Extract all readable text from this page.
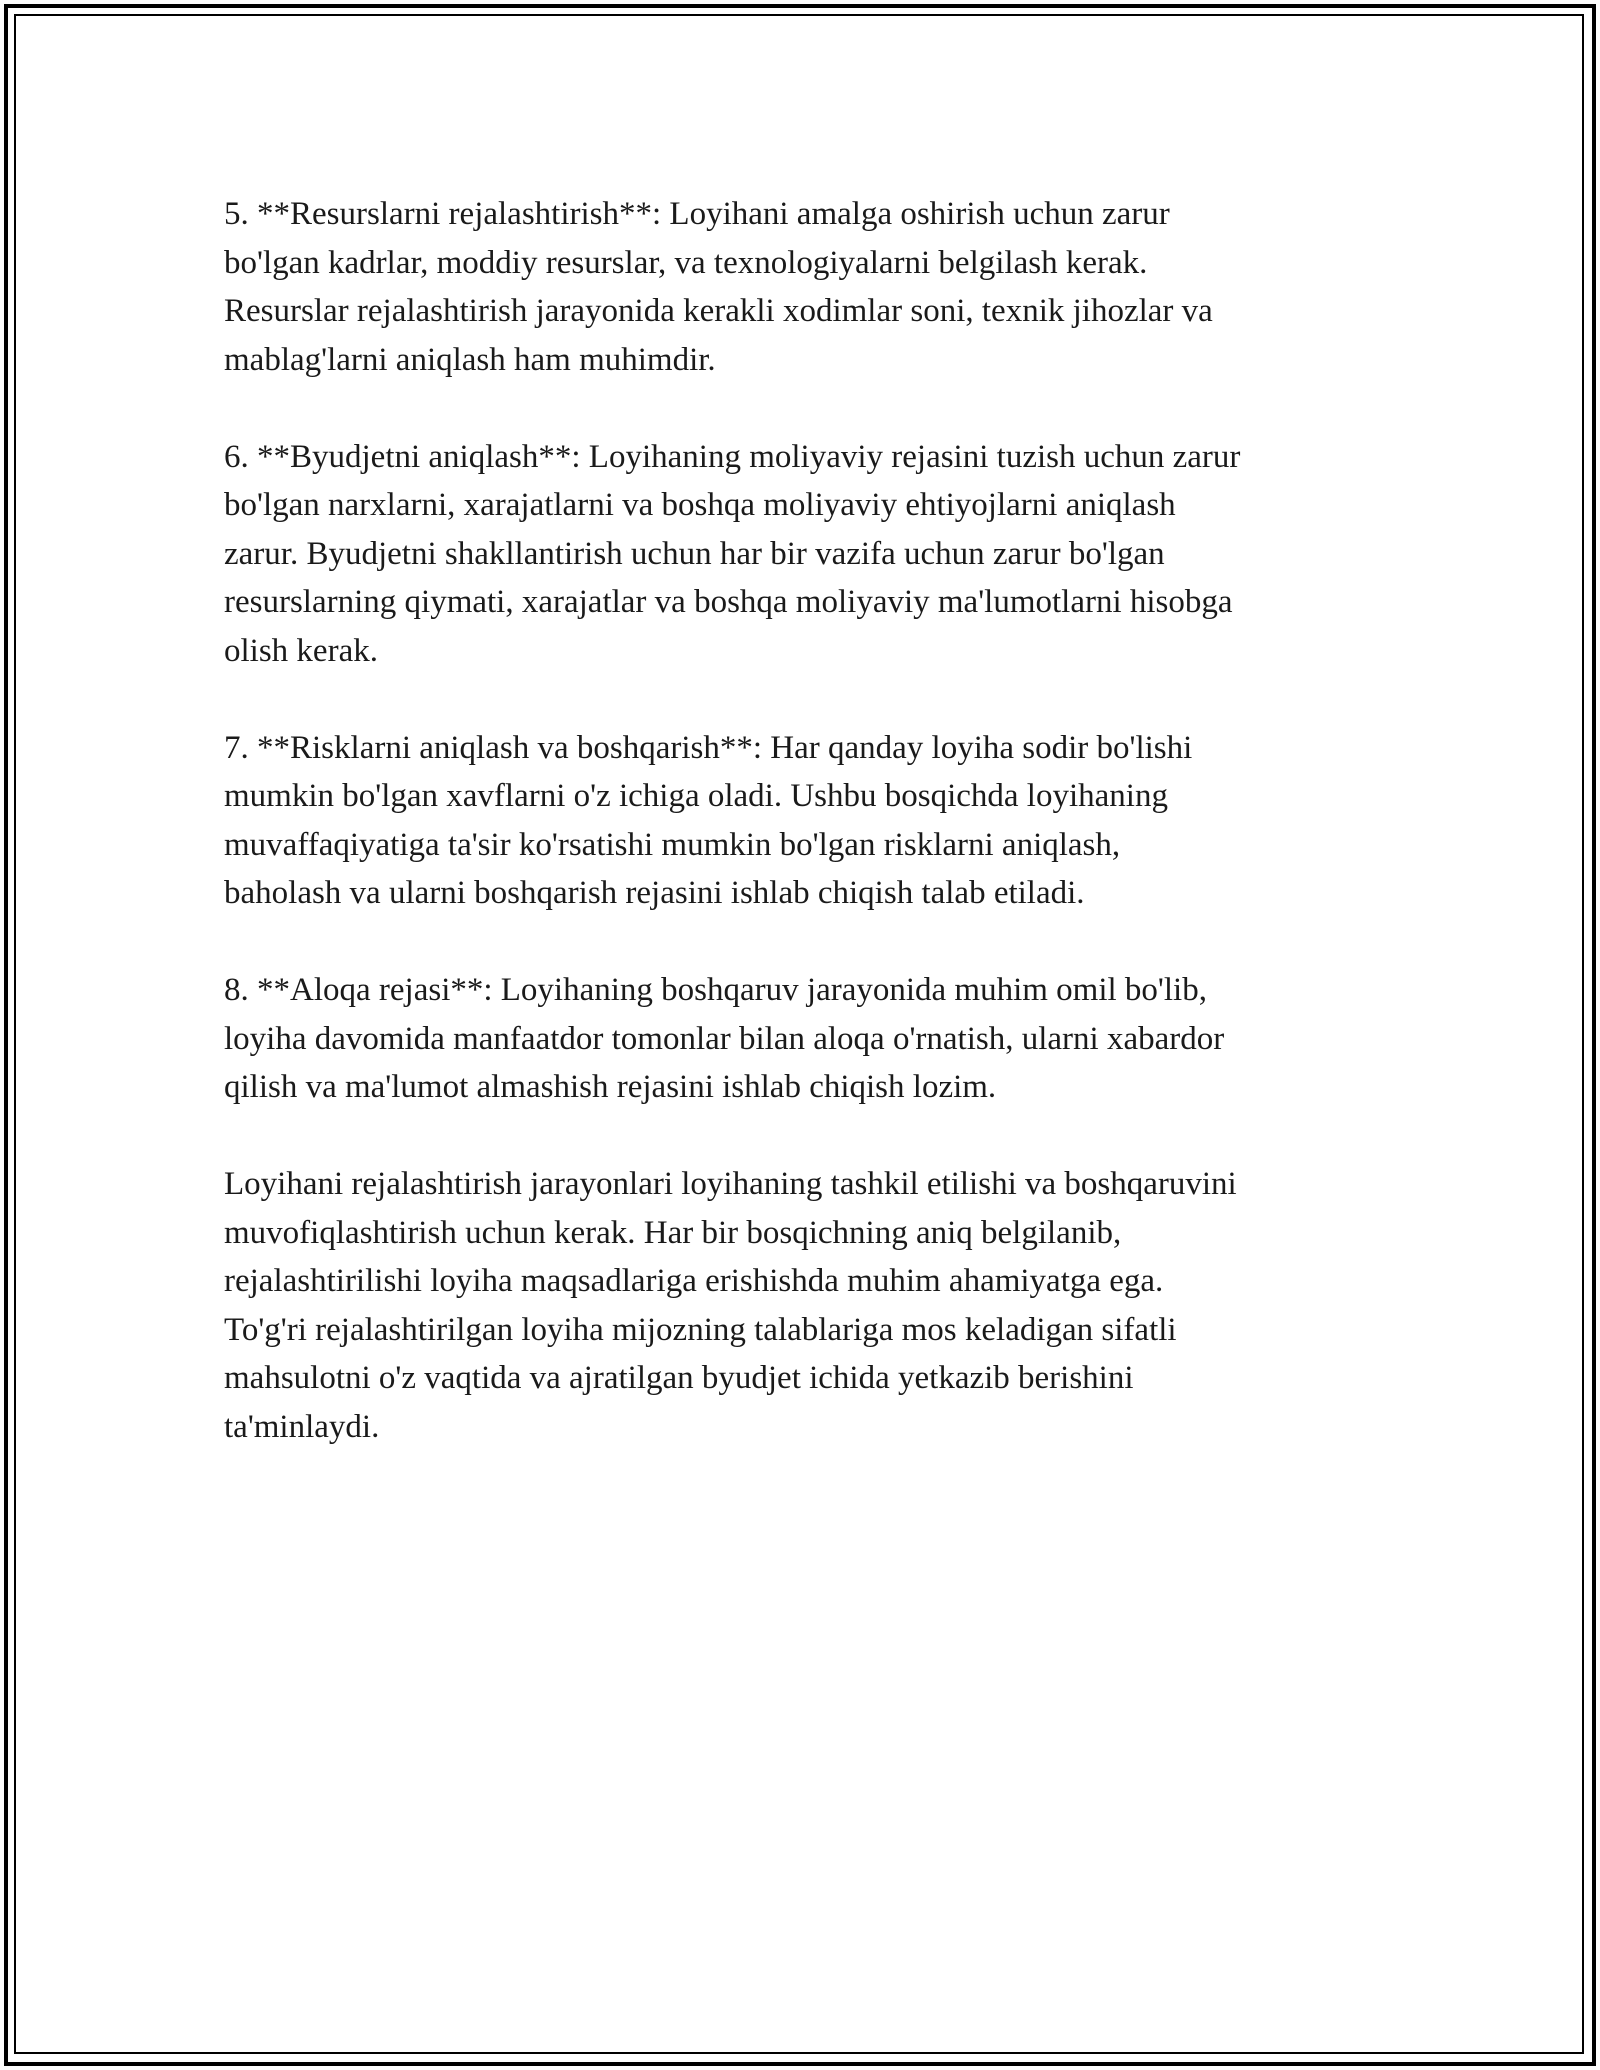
5. **Resurslarni rejalashtirish**: Loyihani amalga oshirish uchun zarur
bo'lgan kadrlar, moddiy resurslar, va texnologiyalarni belgilash kerak.
Resurslar rejalashtirish jarayonida kerakli xodimlar soni, texnik jihozlar va
mablag'larni aniqlash ham muhimdir.

6. **Byudjetni aniqlash**: Loyihaning moliyaviy rejasini tuzish uchun zarur
bo'lgan narxlarni, xarajatlarni va boshqa moliyaviy ehtiyojlarni aniqlash
zarur. Byudjetni shakllantirish uchun har bir vazifa uchun zarur bo'lgan
resurslarning qiymati, xarajatlar va boshqa moliyaviy ma'lumotlarni hisobga
olish kerak.

7. **Risklarni aniqlash va boshqarish**: Har qanday loyiha sodir bo'lishi
mumkin bo'lgan xavflarni o'z ichiga oladi. Ushbu bosqichda loyihaning
muvaffaqiyatiga ta'sir ko'rsatishi mumkin bo'lgan risklarni aniqlash,
baholash va ularni boshqarish rejasini ishlab chiqish talab etiladi.

8. **Aloqa rejasi**: Loyihaning boshqaruv jarayonida muhim omil bo'lib,
loyiha davomida manfaatdor tomonlar bilan aloqa o'rnatish, ularni xabardor
qilish va ma'lumot almashish rejasini ishlab chiqish lozim.

Loyihani rejalashtirish jarayonlari loyihaning tashkil etilishi va boshqaruvini
muvofiqlashtirish uchun kerak. Har bir bosqichning aniq belgilanib,
rejalashtirilishi loyiha maqsadlariga erishishda muhim ahamiyatga ega.
To'g'ri rejalashtirilgan loyiha mijozning talablariga mos keladigan sifatli
mahsulotni o'z vaqtida va ajratilgan byudjet ichida yetkazib berishini
ta'minlaydi.
